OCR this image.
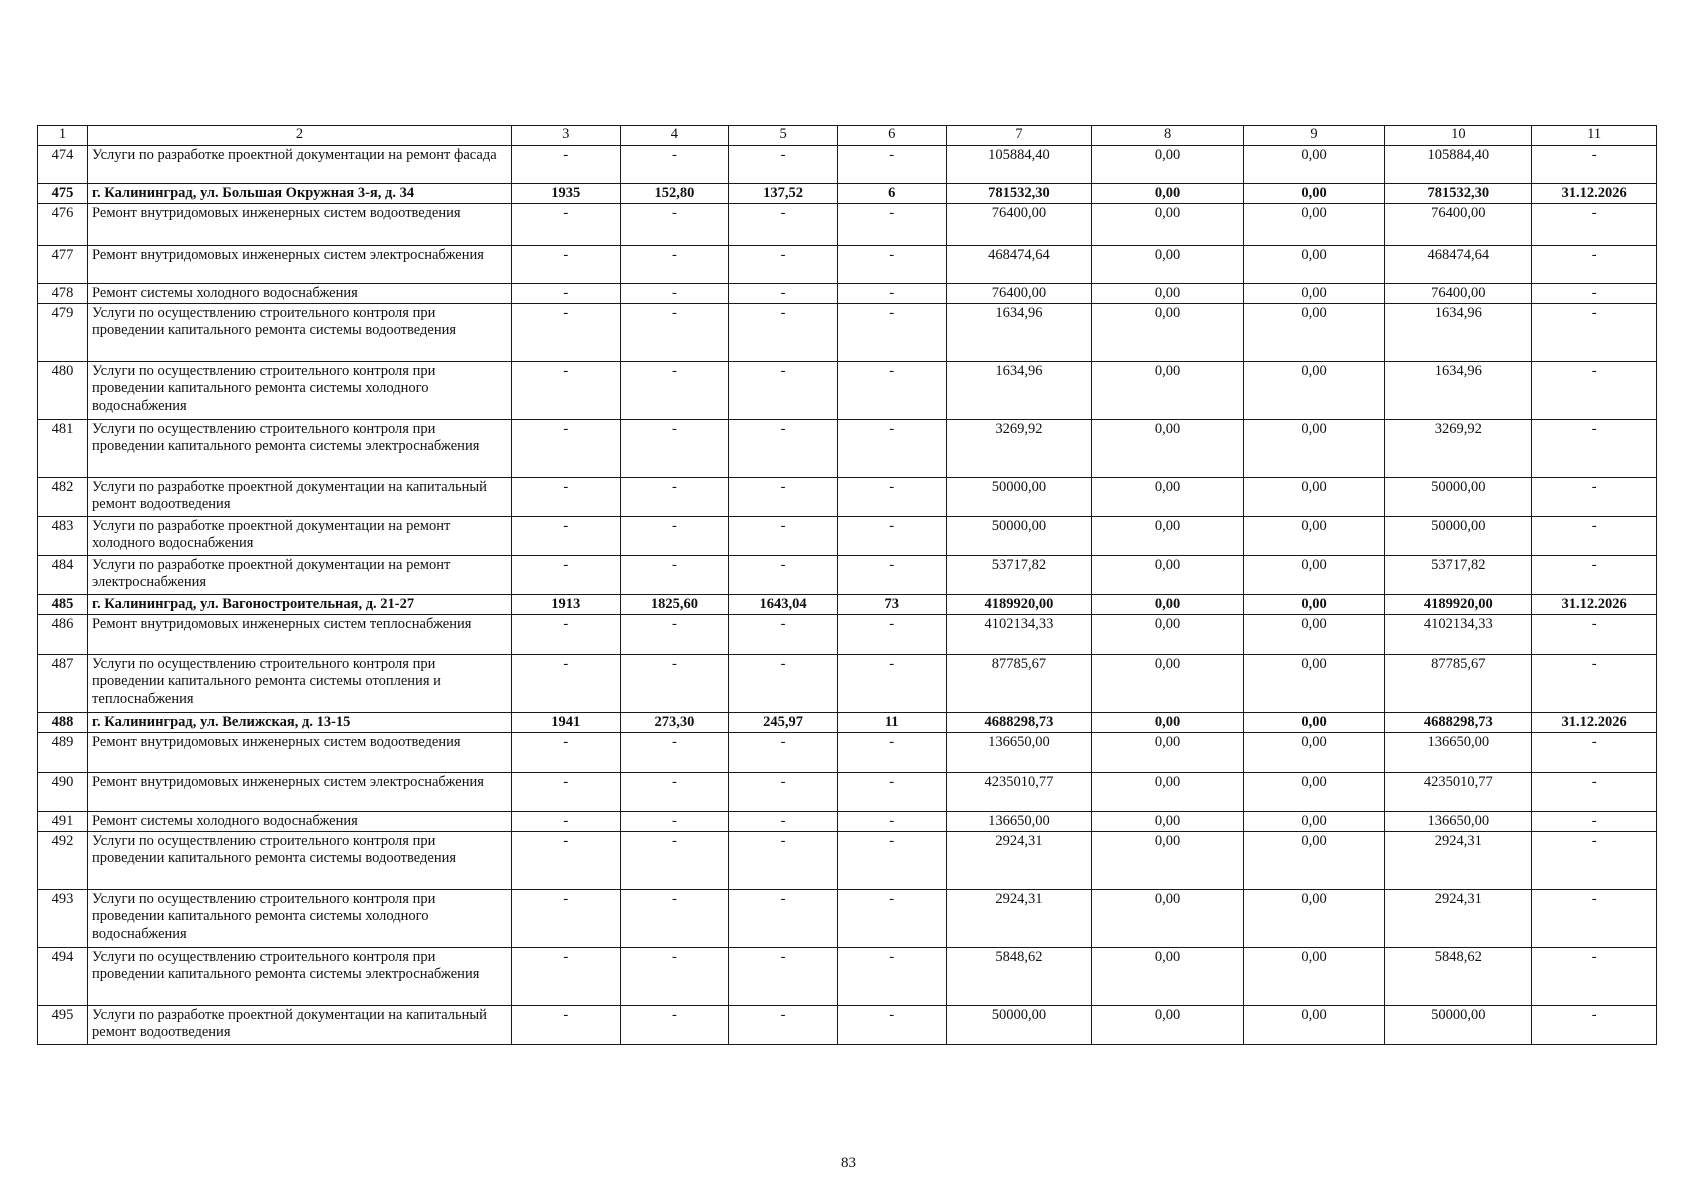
1	2	3	4	5	6	7	8	9	10	11
474	Услуги по разработке проектной документации на ремонт фасада	-	-	-	-	105884,40	0,00	0,00	105884,40	-
475	г. Калининград, ул. Большая Окружная 3-я, д. 34	1935	152,80	137,52	6	781532,30	0,00	0,00	781532,30	31.12.2026
476	Ремонт внутридомовых инженерных систем водоотведения	-	-	-	-	76400,00	0,00	0,00	76400,00	-
477	Ремонт внутридомовых инженерных систем электроснабжения	-	-	-	-	468474,64	0,00	0,00	468474,64	-
478	Ремонт системы холодного водоснабжения	-	-	-	-	76400,00	0,00	0,00	76400,00	-
479	Услуги по осуществлению строительного контроля при проведении капитального ремонта системы водоотведения	-	-	-	-	1634,96	0,00	0,00	1634,96	-
480	Услуги по осуществлению строительного контроля при проведении капитального ремонта системы холодного водоснабжения	-	-	-	-	1634,96	0,00	0,00	1634,96	-
481	Услуги по осуществлению строительного контроля при проведении капитального ремонта системы электроснабжения	-	-	-	-	3269,92	0,00	0,00	3269,92	-
482	Услуги по разработке проектной документации на капитальный ремонт водоотведения	-	-	-	-	50000,00	0,00	0,00	50000,00	-
483	Услуги по разработке проектной документации на ремонт холодного водоснабжения	-	-	-	-	50000,00	0,00	0,00	50000,00	-
484	Услуги по разработке проектной документации на ремонт электроснабжения	-	-	-	-	53717,82	0,00	0,00	53717,82	-
485	г. Калининград, ул. Вагоностроительная, д. 21-27	1913	1825,60	1643,04	73	4189920,00	0,00	0,00	4189920,00	31.12.2026
486	Ремонт внутридомовых инженерных систем теплоснабжения	-	-	-	-	4102134,33	0,00	0,00	4102134,33	-
487	Услуги по осуществлению строительного контроля при проведении капитального ремонта системы отопления и теплоснабжения	-	-	-	-	87785,67	0,00	0,00	87785,67	-
488	г. Калининград, ул. Велижская, д. 13-15	1941	273,30	245,97	11	4688298,73	0,00	0,00	4688298,73	31.12.2026
489	Ремонт внутридомовых инженерных систем водоотведения	-	-	-	-	136650,00	0,00	0,00	136650,00	-
490	Ремонт внутридомовых инженерных систем электроснабжения	-	-	-	-	4235010,77	0,00	0,00	4235010,77	-
491	Ремонт системы холодного водоснабжения	-	-	-	-	136650,00	0,00	0,00	136650,00	-
492	Услуги по осуществлению строительного контроля при проведении капитального ремонта системы водоотведения	-	-	-	-	2924,31	0,00	0,00	2924,31	-
493	Услуги по осуществлению строительного контроля при проведении капитального ремонта системы холодного водоснабжения	-	-	-	-	2924,31	0,00	0,00	2924,31	-
494	Услуги по осуществлению строительного контроля при проведении капитального ремонта системы электроснабжения	-	-	-	-	5848,62	0,00	0,00	5848,62	-
495	Услуги по разработке проектной документации на капитальный ремонт водоотведения	-	-	-	-	50000,00	0,00	0,00	50000,00	-
83
